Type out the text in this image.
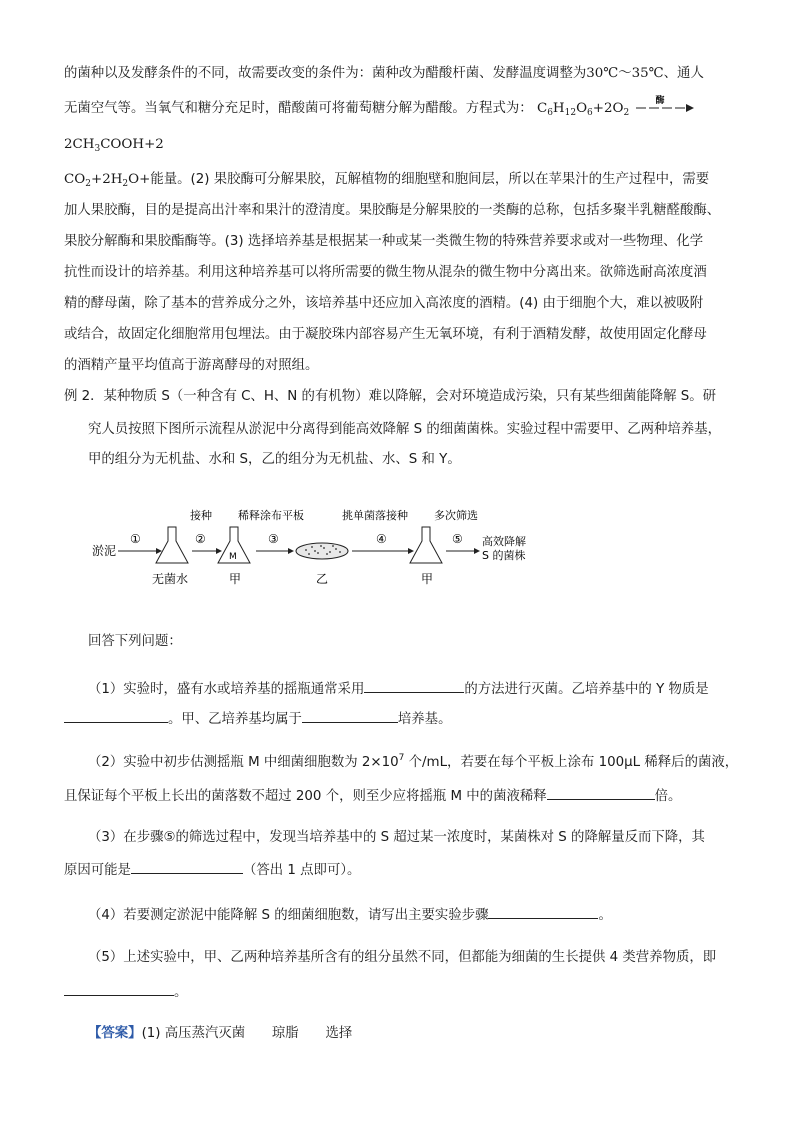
的菌种以及发酵条件的不同，故需要改变的条件为：菌种改为醋酸杆菌、发酵温度调整为30℃～35℃、通人
无菌空气等。当氧气和糖分充足时，醋酸菌可将葡萄糖分解为醋酸。方程式为： $C_6H_{12}O_6+2O_2$
酶
$2CH_3COOH+2$
$CO_2+2H_2O+$能量。(2) 果胶酶可分解果胶，瓦解植物的细胞壁和胞间层，所以在苹果汁的生产过程中，需要
加人果胶酶，目的是提高出汁率和果汁的澄清度。果胶酶是分解果胶的一类酶的总称，包括多聚半乳糖醛酸酶、
果胶分解酶和果胶酯酶等。(3) 选择培养基是根据某一种或某一类微生物的特殊营养要求或对一些物理、化学
抗性而设计的培养基。利用这种培养基可以将所需要的微生物从混杂的微生物中分离出来。欲筛选耐高浓度酒
精的酵母菌，除了基本的营养成分之外，该培养基中还应加入高浓度的酒精。(4) 由于细胞个大，难以被吸附
或结合，故固定化细胞常用包埋法。由于凝胶珠内部容易产生无氧环境，有利于酒精发酵，故使用固定化酵母
的酒精产量平均值高于游离酵母的对照组。
例 2．某种物质 S（一种含有 C、H、N 的有机物）难以降解，会对环境造成污染，只有某些细菌能降解 S。研
究人员按照下图所示流程从淤泥中分离得到能高效降解 S 的细菌菌株。实验过程中需要甲、乙两种培养基，
甲的组分为无机盐、水和 S，乙的组分为无机盐、水、S 和 Y。
淤泥
①
无菌水
接种
②
M
甲
稀释涂布平板
③
乙
挑单菌落接种
④
甲
多次筛选
⑤ 高效降解
S 的菌株
回答下列问题：
（1）实验时，盛有水或培养基的摇瓶通常采用	的方法进行灭菌。乙培养基中的 Y 物质是
。甲、乙培养基均属于	培养基。
（2）实验中初步估测摇瓶 M 中细菌细胞数为 $2\times 10^7$ 个/mL，若要在每个平板上涂布 100μL 稀释后的菌液，
且保证每个平板上长出的菌落数不超过 200 个，则至少应将摇瓶 M 中的菌液稀释	倍。
（3）在步骤⑤的筛选过程中，发现当培养基中的 S 超过某一浓度时，某菌株对 S 的降解量反而下降，其
原因可能是	（答出 1 点即可）。
（4）若要测定淤泥中能降解 S 的细菌细胞数，请写出主要实验步骤	。
（5）上述实验中，甲、乙两种培养基所含有的组分虽然不同，但都能为细菌的生长提供 4 类营养物质，即
。
【答案】(1) 高压蒸汽灭菌　　琼脂　　选择
